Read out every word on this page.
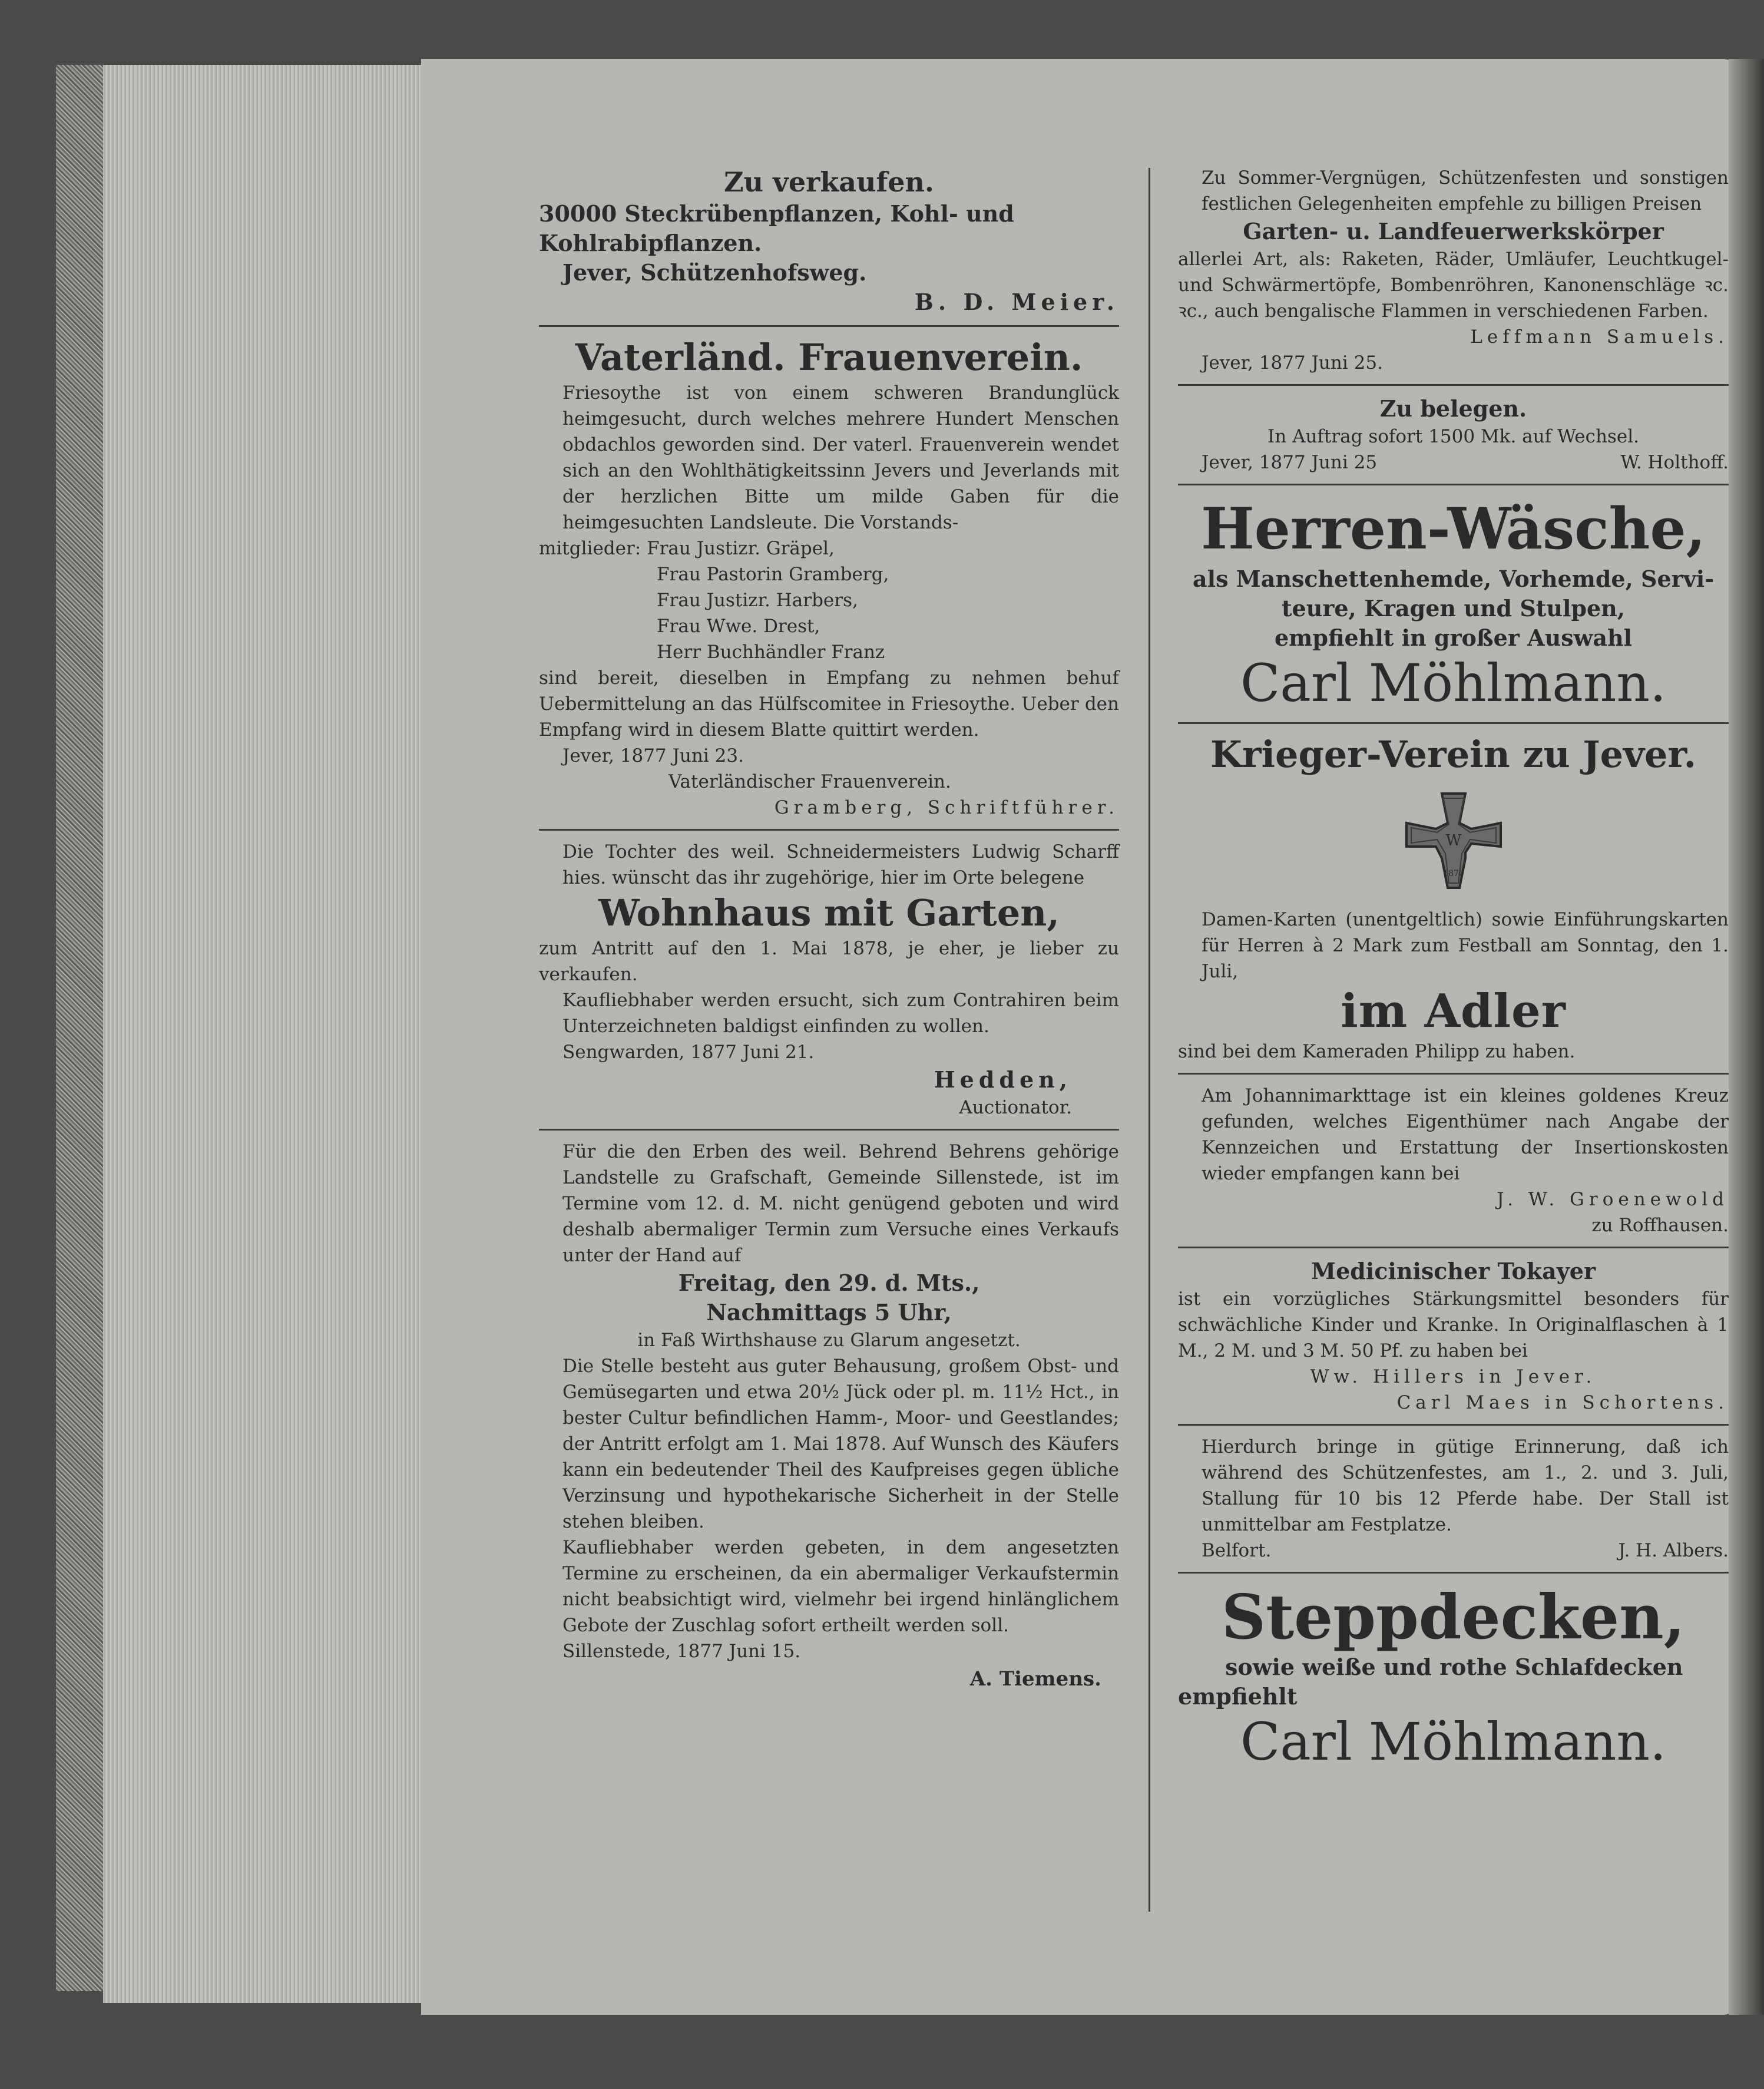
Zu verkaufen.

30000 Steckrübenpflanzen, Kohl- und

Kohlrabipflanzen.

Jever, Schützenhofsweg.

B. D. Meier.

Vaterländ. Frauenverein.

Friesoythe ist von einem schweren Brandunglück heimgesucht, durch welches mehrere Hundert Menschen obdachlos geworden sind. Der vaterl. Frauenverein wendet sich an den Wohlthätigkeitssinn Jevers und Jeverlands mit der herzlichen Bitte um milde Gaben für die heimgesuchten Landsleute. Die Vorstands-

mitglieder: Frau Justizr. Gräpel,

Frau Pastorin Gramberg,

Frau Justizr. Harbers,

Frau Wwe. Drest,

Herr Buchhändler Franz

sind bereit, dieselben in Empfang zu nehmen behuf Uebermittelung an das Hülfscomitee in Friesoythe. Ueber den Empfang wird in diesem Blatte quittirt werden.

Jever, 1877 Juni 23.

Vaterländischer Frauenverein.

Gramberg, Schriftführer.

Die Tochter des weil. Schneidermeisters Ludwig Scharff hies. wünscht das ihr zugehörige, hier im Orte belegene

Wohnhaus mit Garten,

zum Antritt auf den 1. Mai 1878, je eher, je lieber zu verkaufen.

Kaufliebhaber werden ersucht, sich zum Contrahiren beim Unterzeichneten baldigst einfinden zu wollen.

Sengwarden, 1877 Juni 21.

Hedden,

Auctionator.

Für die den Erben des weil. Behrend Behrens gehörige Landstelle zu Grafschaft, Gemeinde Sillenstede, ist im Termine vom 12. d. M. nicht genügend geboten und wird deshalb abermaliger Termin zum Versuche eines Verkaufs unter der Hand auf

Freitag, den 29. d. Mts.,

Nachmittags 5 Uhr,

in Faß Wirthshause zu Glarum angesetzt.

Die Stelle besteht aus guter Behausung, großem Obst- und Gemüsegarten und etwa 20½ Jück oder pl. m. 11½ Hct., in bester Cultur befindlichen Hamm-, Moor- und Geestlandes; der Antritt erfolgt am 1. Mai 1878. Auf Wunsch des Käufers kann ein bedeutender Theil des Kaufpreises gegen übliche Verzinsung und hypothekarische Sicherheit in der Stelle stehen bleiben.

Kaufliebhaber werden gebeten, in dem angesetzten Termine zu erscheinen, da ein abermaliger Verkaufstermin nicht beabsichtigt wird, vielmehr bei irgend hinlänglichem Gebote der Zuschlag sofort ertheilt werden soll.

Sillenstede, 1877 Juni 15.

A. Tiemens.

Zu Sommer-Vergnügen, Schützenfesten und sonstigen festlichen Gelegenheiten empfehle zu billigen Preisen

Garten- u. Landfeuerwerkskörper

allerlei Art, als: Raketen, Räder, Umläufer, Leuchtkugel- und Schwärmertöpfe, Bombenröhren, Kanonenschläge ꝛc. ꝛc., auch bengalische Flammen in verschiedenen Farben.

Leffmann Samuels.

Jever, 1877 Juni 25.

Zu belegen.

In Auftrag sofort 1500 Mk. auf Wechsel.

Jever, 1877 Juni 25	W. Holthoff.

Herren-Wäsche,

als Manschettenhemde, Vorhemde, Servi-

teure, Kragen und Stulpen,

empfiehlt in großer Auswahl

Carl Möhlmann.

Krieger-Verein zu Jever.

W
1870

Damen-Karten (unentgeltlich) sowie Einführungskarten für Herren à 2 Mark zum Festball am Sonntag, den 1. Juli,

im Adler

sind bei dem Kameraden Philipp zu haben.

Am Johannimarkttage ist ein kleines goldenes Kreuz gefunden, welches Eigenthümer nach Angabe der Kennzeichen und Erstattung der Insertionskosten wieder empfangen kann bei

J. W. Groenewold

zu Roffhausen.

Medicinischer Tokayer

ist ein vorzügliches Stärkungsmittel besonders für schwächliche Kinder und Kranke. In Originalflaschen à 1 M., 2 M. und 3 M. 50 Pf. zu haben bei

Ww. Hillers in Jever.

Carl Maes in Schortens.

Hierdurch bringe in gütige Erinnerung, daß ich während des Schützenfestes, am 1., 2. und 3. Juli, Stallung für 10 bis 12 Pferde habe. Der Stall ist unmittelbar am Festplatze.

Belfort.	J. H. Albers.

Steppdecken,

sowie weiße und rothe Schlafdecken

empfiehlt

Carl Möhlmann.
